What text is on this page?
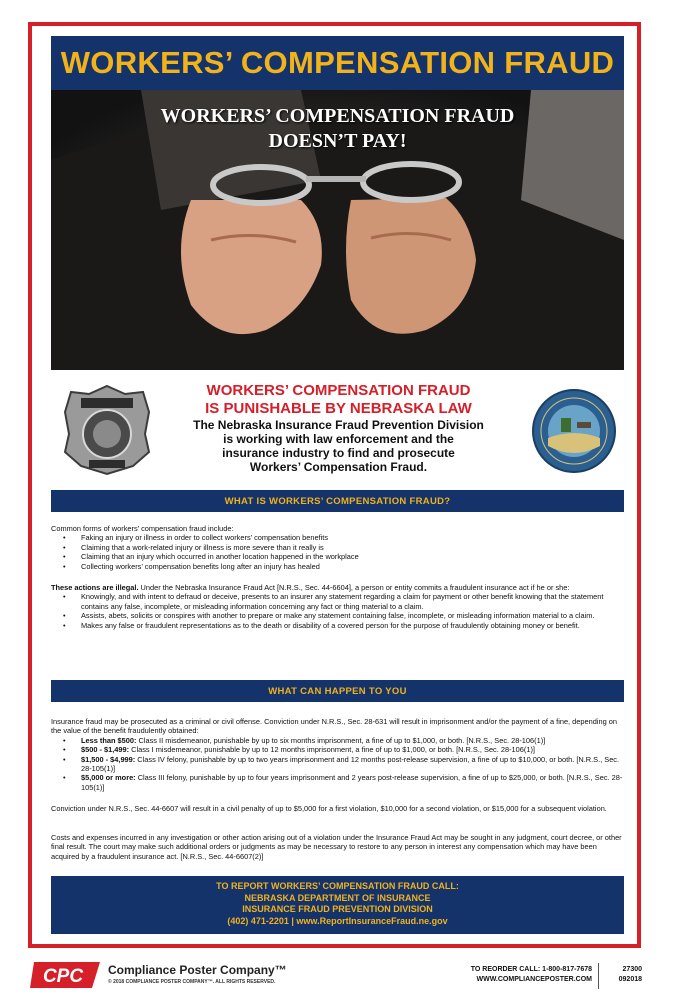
WORKERS’ COMPENSATION FRAUD
WORKERS’ COMPENSATION FRAUD
DOESN’T PAY!
WORKERS’ COMPENSATION FRAUD
IS PUNISHABLE BY NEBRASKA LAW
The Nebraska Insurance Fraud Prevention Division
is working with law enforcement and the
insurance industry to find and prosecute
Workers’ Compensation Fraud.
WHAT IS WORKERS’ COMPENSATION FRAUD?

Common forms of workers’ compensation fraud include:

• Faking an injury or illness in order to collect workers’ compensation benefits
• Claiming that a work-related injury or illness is more severe than it really is
• Claiming that an injury which occurred in another location happened in the workplace
• Collecting workers’ compensation benefits long after an injury has healed

These actions are illegal. Under the Nebraska Insurance Fraud Act [N.R.S., Sec. 44-6604], a person or entity commits a fraudulent insurance act if he or she:

• Knowingly, and with intent to defraud or deceive, presents to an insurer any statement regarding a claim for payment or other benefit knowing that the statement contains any false, incomplete, or misleading information concerning any fact or thing material to a claim.
• Assists, abets, solicits or conspires with another to prepare or make any statement containing false, incomplete, or misleading information material to a claim.
• Makes any false or fraudulent representations as to the death or disability of a covered person for the purpose of fraudulently obtaining money or benefit.
WHAT CAN HAPPEN TO YOU

Insurance fraud may be prosecuted as a criminal or civil offense. Conviction under N.R.S., Sec. 28-631 will result in imprisonment and/or the payment of a fine, depending on the value of the benefit fraudulently obtained:

• Less than $500: Class II misdemeanor, punishable by up to six months imprisonment, a fine of up to $1,000, or both. [N.R.S., Sec. 28-106(1)]
• $500 - $1,499: Class I misdemeanor, punishable by up to 12 months imprisonment, a fine of up to $1,000, or both. [N.R.S., Sec. 28-106(1)]
• $1,500 - $4,999: Class IV felony, punishable by up to two years imprisonment and 12 months post-release supervision, a fine of up to $10,000, or both. [N.R.S., Sec. 28-105(1)]
• $5,000 or more: Class III felony, punishable by up to four years imprisonment and 2 years post-release supervision, a fine of up to $25,000, or both. [N.R.S., Sec. 28-105(1)]

Conviction under N.R.S., Sec. 44-6607 will result in a civil penalty of up to $5,000 for a first violation, $10,000 for a second violation, or $15,000 for a subsequent violation.

Costs and expenses incurred in any investigation or other action arising out of a violation under the Insurance Fraud Act may be sought in any judgment, court decree, or other final result. The court may make such additional orders or judgments as may be necessary to restore to any person in interest any compensation which may have been acquired by a fraudulent insurance act. [N.R.S., Sec. 44-6607(2)]

TO REPORT WORKERS’ COMPENSATION FRAUD CALL:
NEBRASKA DEPARTMENT OF INSURANCE
INSURANCE FRAUD PREVENTION DIVISION
(402) 471-2201 | www.ReportInsuranceFraud.ne.gov
CPC Compliance Poster Company™
© 2018 COMPLIANCE POSTER COMPANY™. ALL RIGHTS RESERVED.
TO REORDER CALL: 1-800-817-7678
WWW.COMPLIANCEPOSTER.COM
27300
092018
